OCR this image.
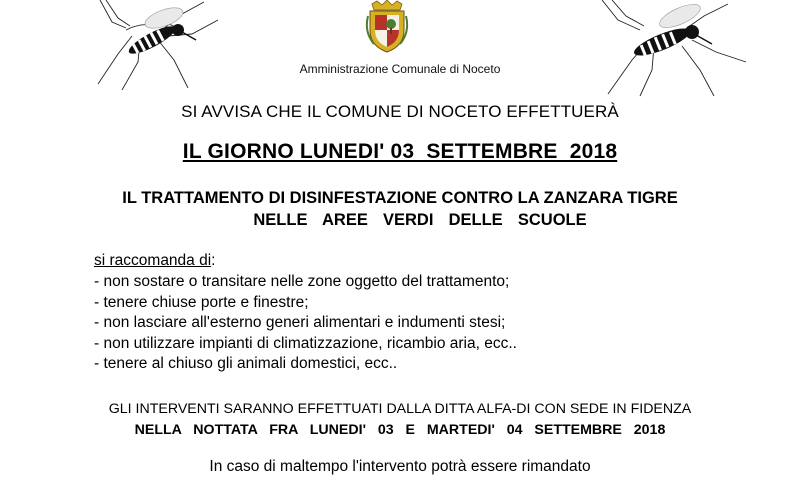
Amministrazione Comunale di Noceto
SI AVVISA CHE IL COMUNE DI NOCETO EFFETTUERÀ
IL GIORNO LUNEDI' 03  SETTEMBRE  2018
IL TRATTAMENTO DI DISINFESTAZIONE CONTRO LA ZANZARA TIGRE
NELLE  AREE  VERDI  DELLE  SCUOLE
si raccomanda di:
- non sostare o transitare nelle zone oggetto del trattamento;
- tenere chiuse porte e finestre;
- non lasciare all'esterno generi alimentari e indumenti stesi;
- non utilizzare impianti di climatizzazione, ricambio aria, ecc..
- tenere al chiuso gli animali domestici, ecc..
GLI INTERVENTI SARANNO EFFETTUATI DALLA DITTA ALFA-DI CON SEDE IN FIDENZA
NELLA  NOTTATA  FRA  LUNEDI'  03  E  MARTEDI'  04  SETTEMBRE  2018
In caso di maltempo l'intervento potrà essere rimandato
